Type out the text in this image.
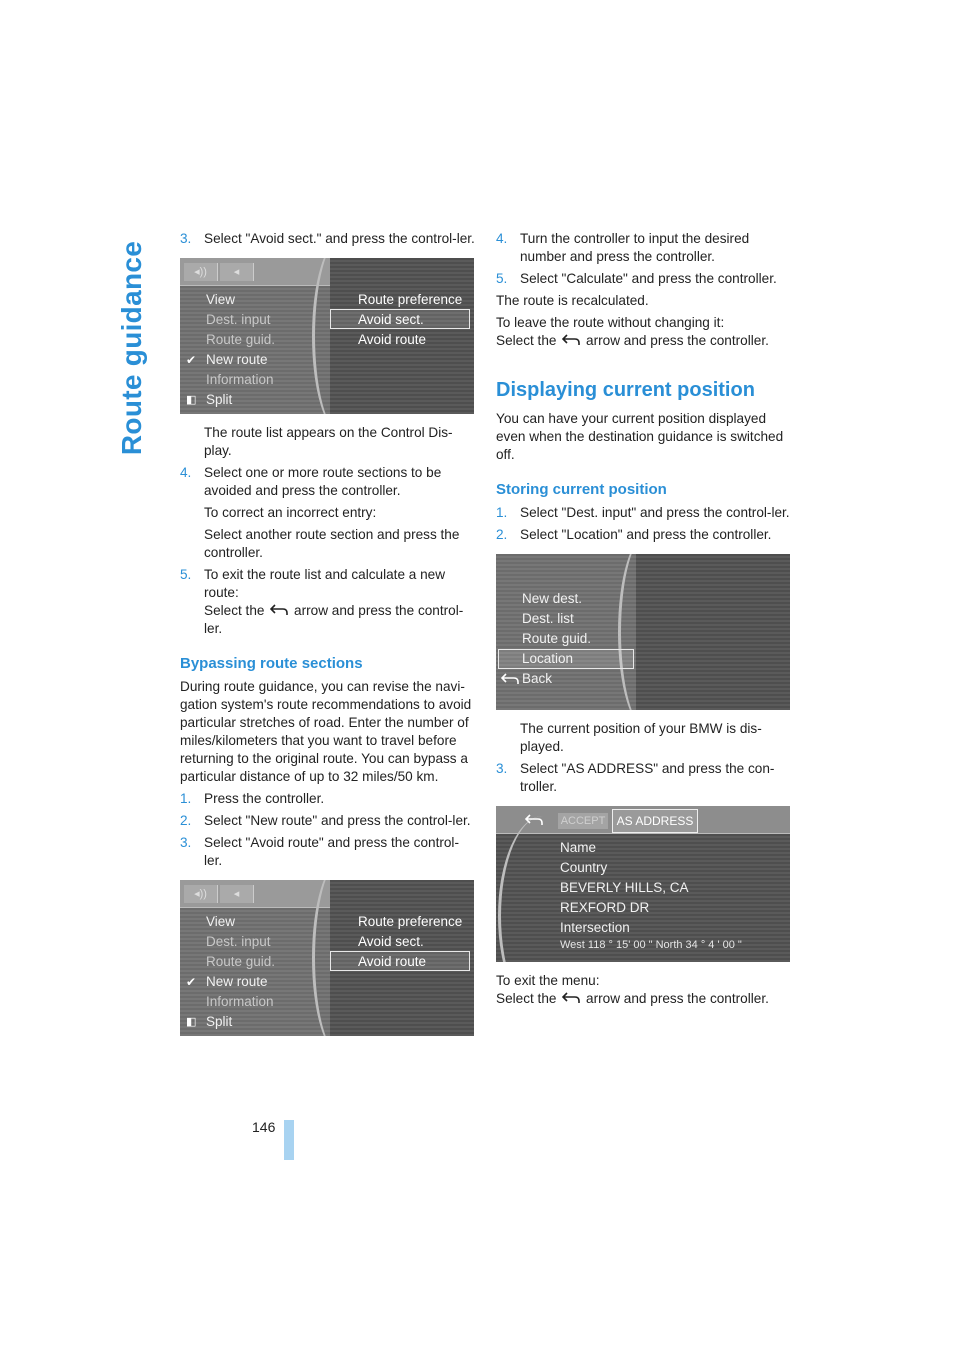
Route guidance
3. Select "Avoid sect." and press the control-ler.
◂))	◂
✔
◧
View
Dest. input
Route guid.
New route
Information
Split
Route preference
Avoid sect.
Avoid route
The route list appears on the Control Dis-play.
4. Select one or more route sections to be avoided and press the controller.
To correct an incorrect entry:
Select another route section and press the controller.
5. To exit the route list and calculate a new route:
Select the arrow and press the control-ler.
Bypassing route sections

During route guidance, you can revise the navi-gation system's route recommendations to avoid particular stretches of road. Enter the number of miles/kilometers that you want to travel before returning to the original route. You can bypass a particular distance of up to 32 miles/50 km.

1. Press the controller.
2. Select "New route" and press the control-ler.
3. Select "Avoid route" and press the control-ler.
◂))	◂
✔
◧
View
Dest. input
Route guid.
New route
Information
Split
Route preference
Avoid sect.
Avoid route
4. Turn the controller to input the desired number and press the controller.
5. Select "Calculate" and press the controller.

The route is recalculated.

To leave the route without changing it:
Select the arrow and press the controller.

Displaying current position

You can have your current position displayed even when the destination guidance is switched off.

Storing current position
1. Select "Dest. input" and press the control-ler.
2. Select "Location" and press the controller.
New dest.
Dest. list
Route guid.
Location
Back
The current position of your BMW is dis-played.
3. Select "AS ADDRESS" and press the con-troller.
ACCEPT AS ADDRESS
Name
Country
BEVERLY HILLS, CA
REXFORD DR
Intersection
West 118 ° 15' 00 " North 34 ° 4 ' 00 "

To exit the menu:
Select the arrow and press the controller.

146
